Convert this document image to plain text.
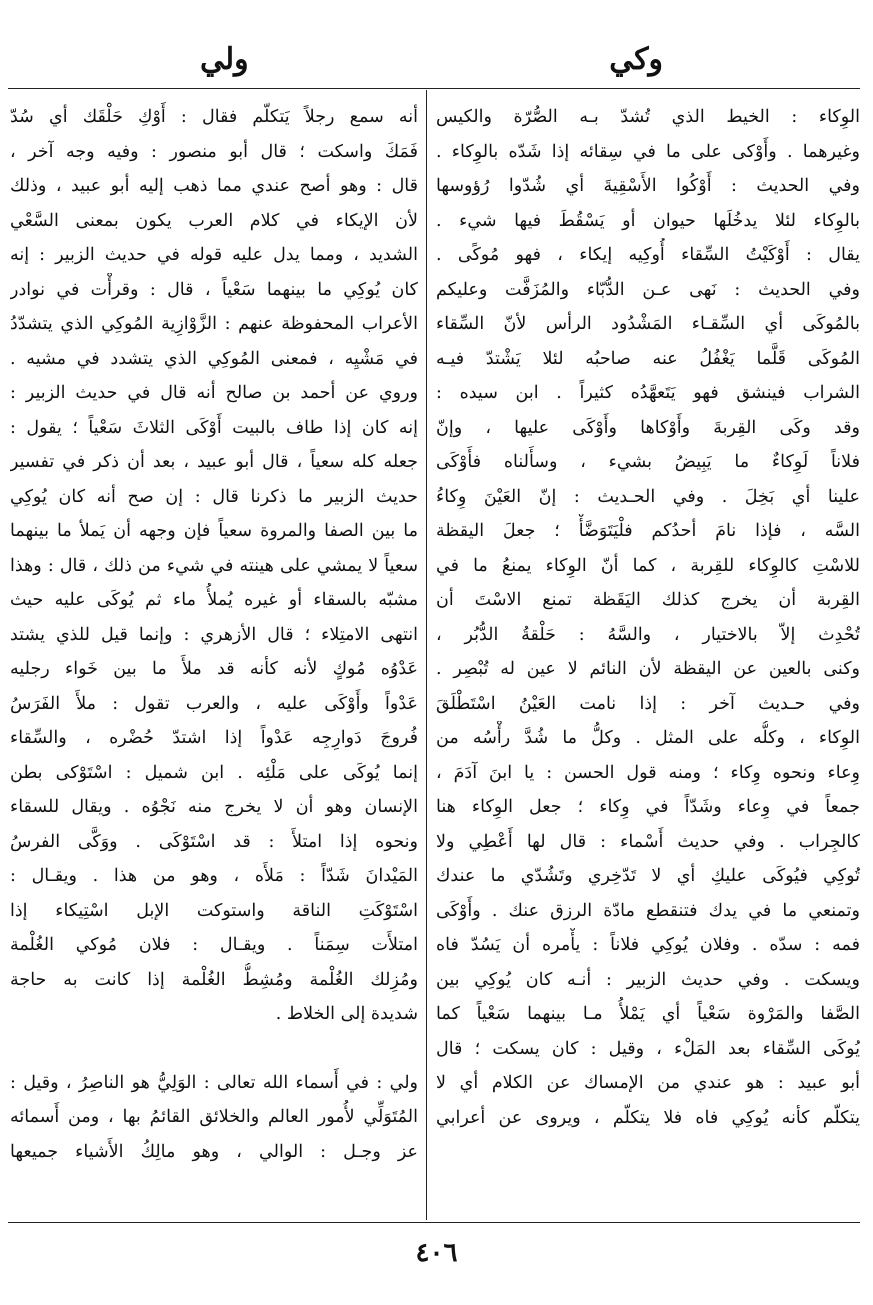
وكي
ولي
الوِكاء : الخيط الذي تُشدّ بـه الصُّرّة والكيس
وغيرهما . وأَوْكى على ما في سِقائه إذا شَدّه بالوِكاء .
وفي الحديث : أَوْكُوا الأَسْقِيةَ أي شُدّوا رُؤوسها
بالوِكاء لئلا يدخُلَها حيوان أو يَسْقُطَ فيها شيء .
يقال : أَوْكَيْتُ السِّقاء أُوكِيه إيكاء ، فهو مُوكًى .
وفي الحديث : نَهى عـن الدُّبّاء والمُزَفَّت وعليكم
بالمُوكَى أي السِّقـاء المَشْدُود الرأس لأنّ السِّقاء
المُوكَى قَلَّما يَغْفُلُ عنه صاحبُه لئلا يَشْتدّ فيـه
الشراب فينشق فهو يَتَعهَّدُه كثيراً . ابن سيده :
وقد وكَى القِربةَ وأَوْكاها وأَوْكَى عليها ، وإنّ
فلاناً لَوِكاءٌ ما يَبِيضُ بشيء ، وسأَلناه فأَوْكَى
علينا أي بَخِلَ . وفي الحـديث : إنّ العَيْنَ وِكاءُ
السَّه ، فإذا نامَ أحدُكم فلْيَتَوَضَّأْ ؛ جعلَ اليقظة
للاسْتِ كالوِكاء للقِربة ، كما أنّ الوِكاء يمنعُ ما في
القِربة أن يخرج كذلك اليَقَظة تمنع الاسْتَ أن
تُحْدِث إلاّ بالاختيار ، والسَّهُ : حَلْقةُ الدُّبُر ،
وكنى بالعين عن اليقظة لأن النائم لا عين له تُبْصِر .
وفي حـديث آخر : إذا نامت العَيْنُ اسْتَطْلَقَ
الوِكاء ، وكلُّه على المثل . وكلُّ ما شُدَّ رأْسُه من
وِعاء ونحوه وِكاء ؛ ومنه قول الحسن : يا ابنَ آدَمَ ،
جمعاً في وِعاء وشَدّاً في وِكاء ؛ جعل الوِكاء هنا
كالجِراب . وفي حديث أَسْماء : قال لها أَعْطِي ولا
تُوكِي فيُوكَى عليكِ أي لا تَدّخِري وتَشُدّي ما عندك
وتمنعي ما في يدك فتنقطع مادّة الرزق عنك . وأَوْكَى
فمه : سدّه . وفلان يُوكِي فلاناً : يأْمره أن يَسُدّ فاه
ويسكت . وفي حديث الزبير : أنـه كان يُوكِي بين
الصَّفا والمَرْوة سَعْياً أي يَمْلأُ مـا بينهما سَعْياً كما
يُوكَى السِّقاء بعد المَلْء ، وقيل : كان يسكت ؛ قال
أبو عبيد : هو عندي من الإمساك عن الكلام أي لا
يتكلّم كأنه يُوكِي فاه فلا يتكلّم ، ويروى عن أعرابي
أنه سمع رجلاً يَتكلّم فقال : أَوْكِ حَلْقَك أي سُدّ
فَمَكَ واسكت ؛ قال أبو منصور : وفيه وجه آخر ،
قال : وهو أصح عندي مما ذهب إليه أبو عبيد ، وذلك
لأن الإيكاء في كلام العرب يكون بمعنى السَّعْي
الشديد ، ومما يدل عليه قوله في حديث الزبير : إنه
كان يُوكِي ما بينهما سَعْياً ، قال : وقرأْت في نوادر
الأعراب المحفوظة عنهم : الزَّوْازِية المُوكِي الذي يتشدّدُ
في مَشْيِه ، فمعنى المُوكِي الذي يتشدد في مشيه .
وروي عن أحمد بن صالح أنه قال في حديث الزبير :
إنه كان إذا طاف بالبيت أَوْكَى الثلاثَ سَعْياً ؛ يقول :
جعله كله سعياً ، قال أبو عبيد ، بعد أن ذكر في تفسير
حديث الزبير ما ذكرنا قال : إن صح أنه كان يُوكِي
ما بين الصفا والمروة سعياً فإن وجهه أن يَملأ ما بينهما
سعياً لا يمشي على هينته في شيء من ذلك ، قال : وهذا
مشبّه بالسقاء أو غيره يُملأُ ماء ثم يُوكَى عليه حيث
انتهى الامتِلاء ؛ قال الأزهري : وإنما قيل للذي يشتد
عَدْوُه مُوكٍ لأنه كأنه قد ملأَ ما بين خَواء رجليه
عَدْواً وأَوْكَى عليه ، والعرب تقول : ملأَ الفَرَسُ
فُروجَ دَوارِجِه عَدْواً إذا اشتدّ حُضْره ، والسِّقاء
إنما يُوكَى على مَلْئِه . ابن شميل : اسْتَوْكى بطن
الإنسان وهو أن لا يخرج منه نَجْوُه . ويقال للسقاء
ونحوه إذا امتلأَ : قد اسْتَوْكَى . ووَكَّى الفرسُ
المَيْدانَ شَدّاً : مَلأَه ، وهو من هذا . ويقـال :
اسْتَوْكَتِ الناقة واستوكت الإبل اسْتِيكاء إذا
امتلأَت سِمَناً . ويقـال : فلان مُوكي الغُلْمة
ومُزِلك الغُلْمة ومُشِطُّ الغُلْمة إذا كانت به حاجة
شديدة إلى الخلاط .
ولي : في أَسماء الله تعالى : الوَلِيُّ هو الناصِرُ ، وقيل :
المُتَوَلِّي لأُمور العالم والخلائق القائمُ بها ، ومن أَسمائه
عز وجـل : الوالي ، وهو مالِكُ الأَشياء جميعها
٤٠٦
